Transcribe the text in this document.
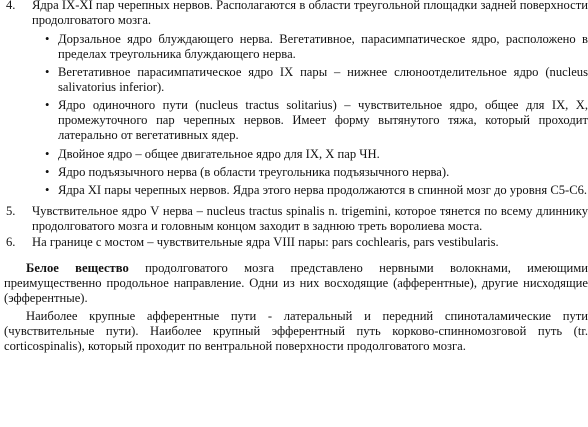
4. Ядра IX-XI пар черепных нервов. Располагаются в области треугольной площадки задней поверхности продолговатого мозга.
• Дорзальное ядро блуждающего нерва. Вегетативное, парасимпатическое ядро, расположено в пределах треугольника блуждающего нерва.
• Вегетативное парасимпатическое ядро IX пары – нижнее слюноотделительное ядро (nucleus salivatorius inferior).
• Ядро одиночного пути (nucleus tractus solitarius) – чувствительное ядро, общее для IX, X, промежуточного пар черепных нервов. Имеет форму вытянутого тяжа, который проходит латерально от вегетативных ядер.
• Двойное ядро – общее двигательное ядро для IX, X пар ЧН.
• Ядро подъязычного нерва (в области треугольника подъязычного нерва).
• Ядра XI пары черепных нервов. Ядра этого нерва продолжаются в спинной мозг до уровня С5-С6.
5. Чувствительное ядро V нерва – nucleus tractus spinalis n. trigemini, которое тянется по всему длиннику продолговатого мозга и головным концом заходит в заднюю треть воролиева моста.
6. На границе с мостом – чувствительные ядра VIII пары: pars cochlearis, pars vestibularis.

Белое вещество продолговатого мозга представлено нервными волокнами, имеющими преимущественно продольное направление. Одни из них восходящие (афферентные), другие нисходящие (эфферентные).

Наиболее крупные афферентные пути - латеральный и передний спиноталамические пути (чувствительные пути). Наиболее крупный эфферентный путь корково-спинномозговой путь (tr. corticospinalis), который проходит по вентральной поверхности продолговатого мозга.
